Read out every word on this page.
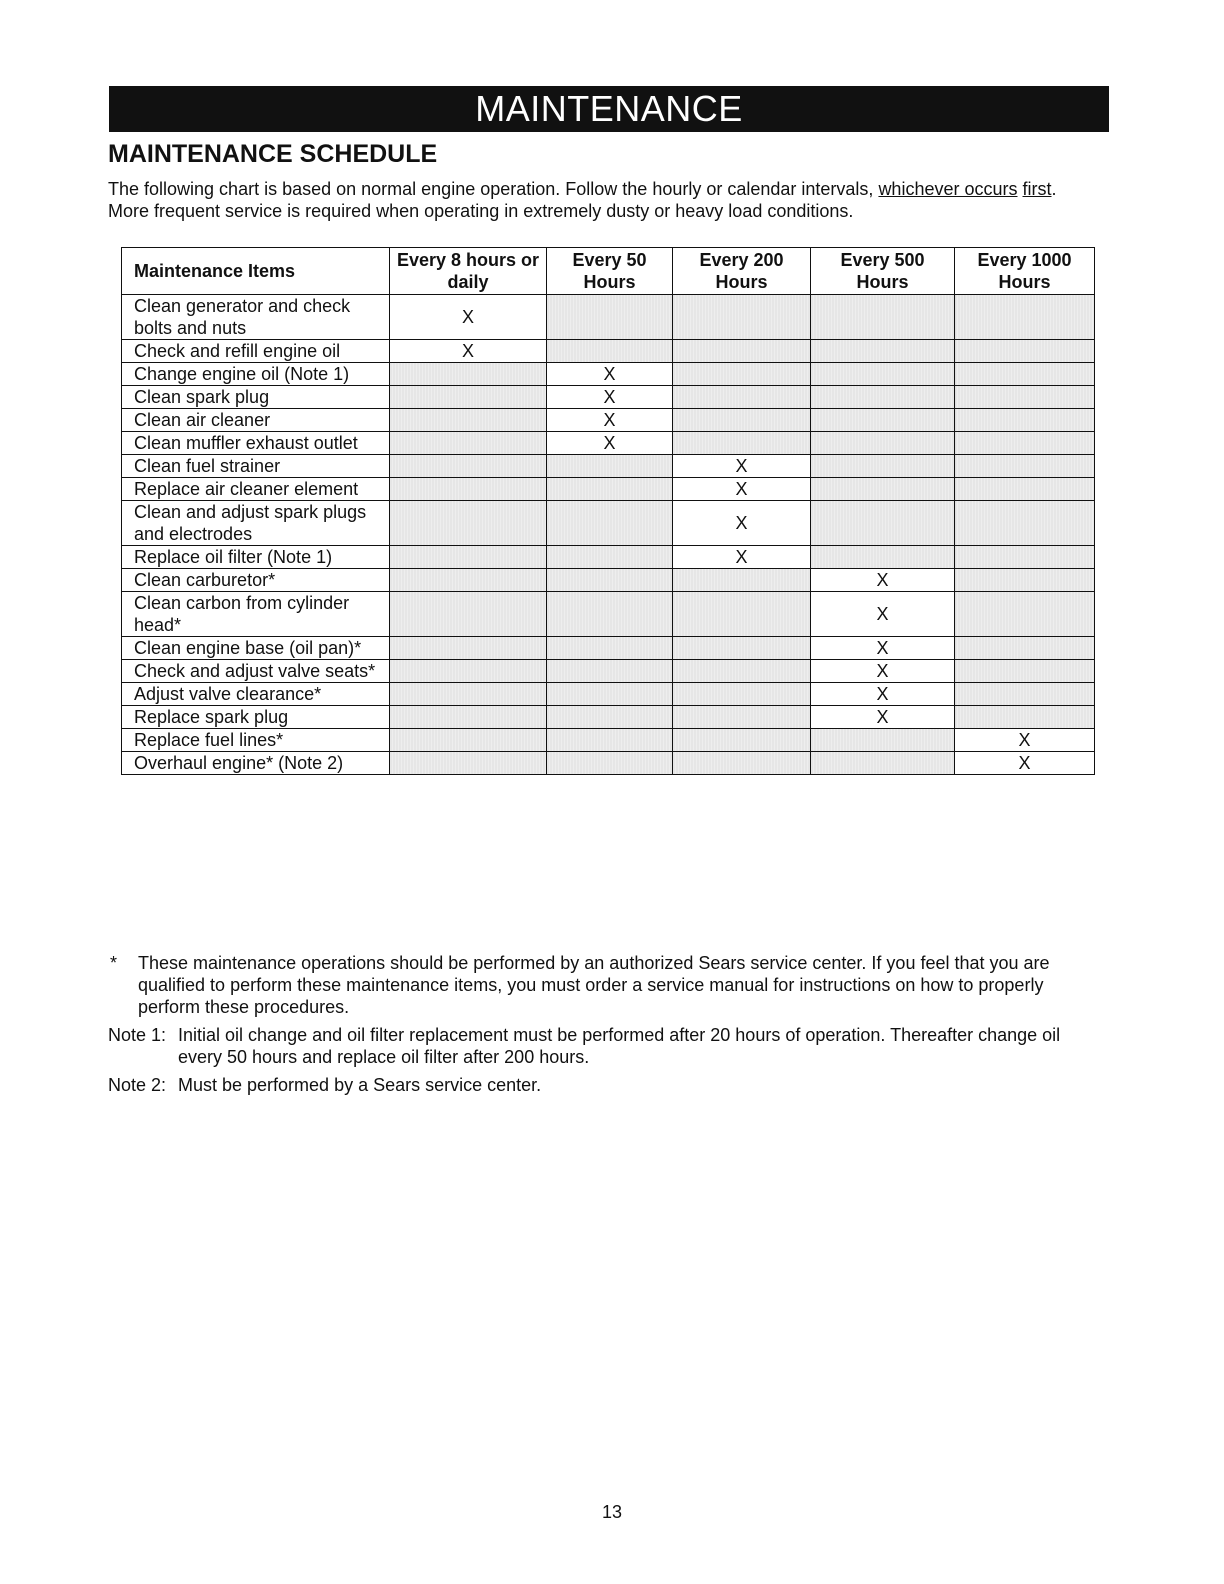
MAINTENANCE
MAINTENANCE SCHEDULE

The following chart is based on normal engine operation. Follow the hourly or calendar intervals, whichever occurs first. More frequent service is required when operating in extremely dusty or heavy load conditions.

Maintenance Items	Every 8 hours or daily	Every 50 Hours	Every 200 Hours	Every 500 Hours	Every 1000 Hours
Clean generator and check bolts and nuts	X				
Check and refill engine oil	X				
Change engine oil (Note 1)		X			
Clean spark plug		X			
Clean air cleaner		X			
Clean muffler exhaust outlet		X			
Clean fuel strainer			X		
Replace air cleaner element			X		
Clean and adjust spark plugs and electrodes			X		
Replace oil filter (Note 1)			X		
Clean carburetor*				X	
Clean carbon from cylinder head*				X	
Clean engine base (oil pan)*				X	
Check and adjust valve seats*				X	
Adjust valve clearance*				X	
Replace spark plug				X	
Replace fuel lines*					X
Overhaul engine* (Note 2)					X
*	These maintenance operations should be performed by an authorized Sears service center. If you feel that you are qualified to perform these maintenance items, you must order a service manual for instructions on how to properly perform these procedures.
Note 1: Initial oil change and oil filter replacement must be performed after 20 hours of operation. Thereafter change oil every 50 hours and replace oil filter after 200 hours.
Note 2: Must be performed by a Sears service center.
13
